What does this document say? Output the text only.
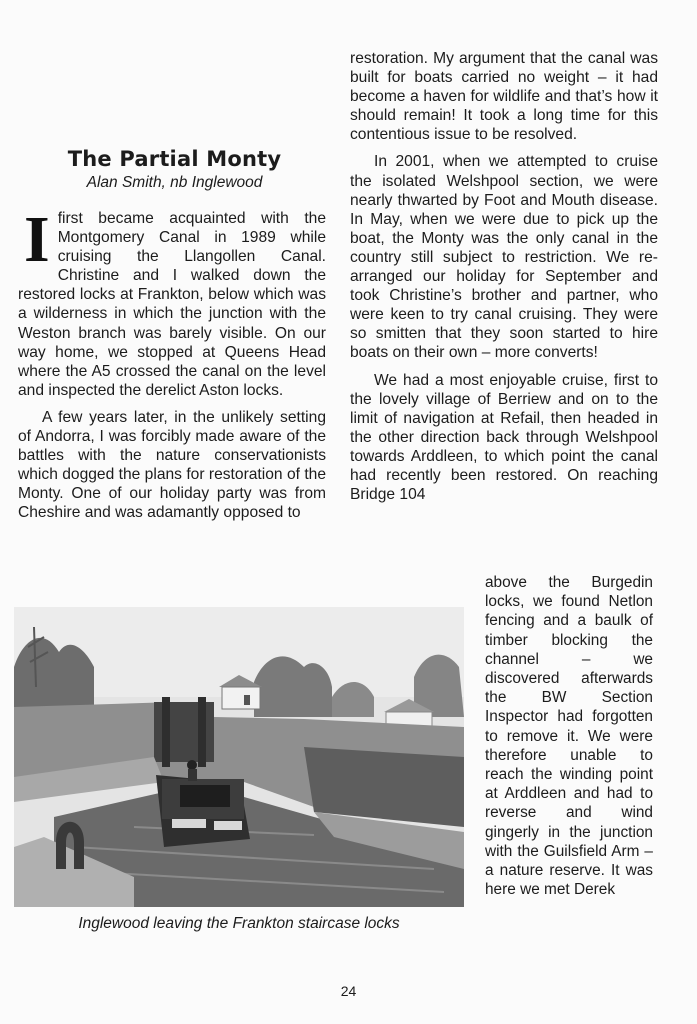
The Partial Monty
Alan Smith, nb Inglewood

I first became acquainted with the Montgomery Canal in 1989 while cruising the Llangollen Canal. Christine and I walked down the restored locks at Frankton, below which was a wilderness in which the junction with the Weston branch was barely visible. On our way home, we stopped at Queens Head where the A5 crossed the canal on the level and inspected the derelict Aston locks.

A few years later, in the unlikely setting of Andorra, I was forcibly made aware of the battles with the nature conservationists which dogged the plans for restoration of the Monty. One of our holiday party was from Cheshire and was adamantly opposed to

restoration. My argument that the canal was built for boats carried no weight – it had become a haven for wildlife and that’s how it should remain! It took a long time for this contentious issue to be resolved.

In 2001, when we attempted to cruise the isolated Welshpool section, we were nearly thwarted by Foot and Mouth disease. In May, when we were due to pick up the boat, the Monty was the only canal in the country still subject to restriction. We re-arranged our holiday for September and took Christine’s brother and partner, who were keen to try canal cruising. They were so smitten that they soon started to hire boats on their own – more converts!

We had a most enjoyable cruise, first to the lovely village of Berriew and on to the limit of navigation at Refail, then headed in the other direction back through Welshpool towards Arddleen, to which point the canal had recently been restored. On reaching Bridge 104

above the Burgedin locks, we found Netlon fencing and a baulk of timber blocking the channel – we discovered afterwards the BW Section Inspector had forgotten to remove it. We were therefore unable to reach the winding point at Arddleen and had to reverse and wind gingerly in the junction with the Guilsfield Arm – a nature reserve. It was here we met Derek

Inglewood leaving the Frankton staircase locks
24
